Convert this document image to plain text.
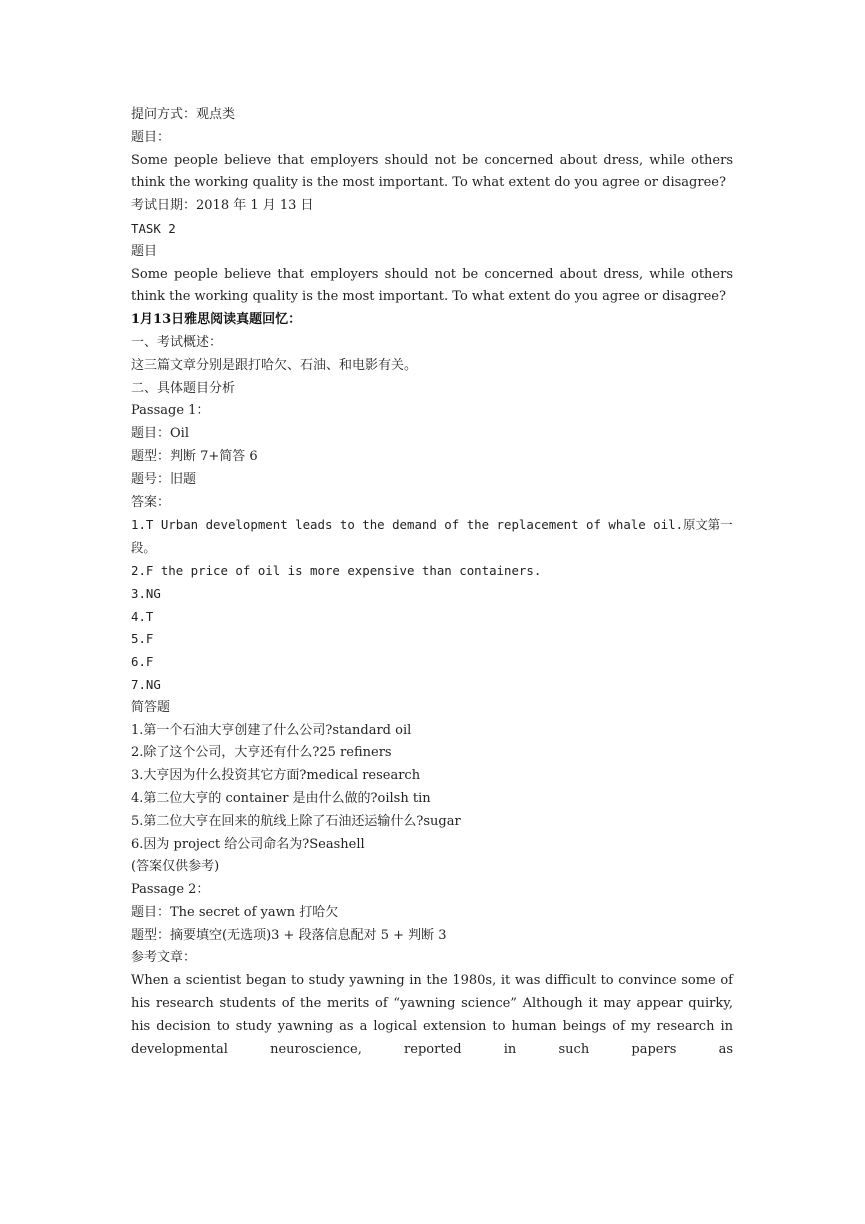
提问方式：观点类
题目：

Some people believe that employers should not be concerned about dress, while others think the working quality is the most important. To what extent do you agree or disagree?

考试日期：2018 年 1 月 13 日
TASK 2
题目

Some people believe that employers should not be concerned about dress, while others think the working quality is the most important. To what extent do you agree or disagree?

1月13日雅思阅读真题回忆：
一、考试概述：
这三篇文章分别是跟打哈欠、石油、和电影有关。
二、具体题目分析
Passage 1：
题目：Oil
题型：判断 7+简答 6
题号：旧题
答案：

1.T Urban development leads to the demand of the replacement of whale oil.原文第一段。

2.F the price of oil is more expensive than containers.
3.NG
4.T
5.F
6.F
7.NG
简答题
1.第一个石油大亨创建了什么公司?standard oil
2.除了这个公司，大亨还有什么?25 refiners
3.大亨因为什么投资其它方面?medical research
4.第二位大亨的 container 是由什么做的?oilsh tin
5.第二位大亨在回来的航线上除了石油还运输什么?sugar
6.因为 project 给公司命名为?Seashell
(答案仅供参考)
Passage 2：
题目：The secret of yawn 打哈欠
题型：摘要填空(无选项)3 + 段落信息配对 5 + 判断 3
参考文章：

When a scientist began to study yawning in the 1980s, it was difficult to convince some of his research students of the merits of “yawning science” Although it may appear quirky, his decision to study yawning as a logical extension to human beings of my research in developmental neuroscience, reported in such papers as
